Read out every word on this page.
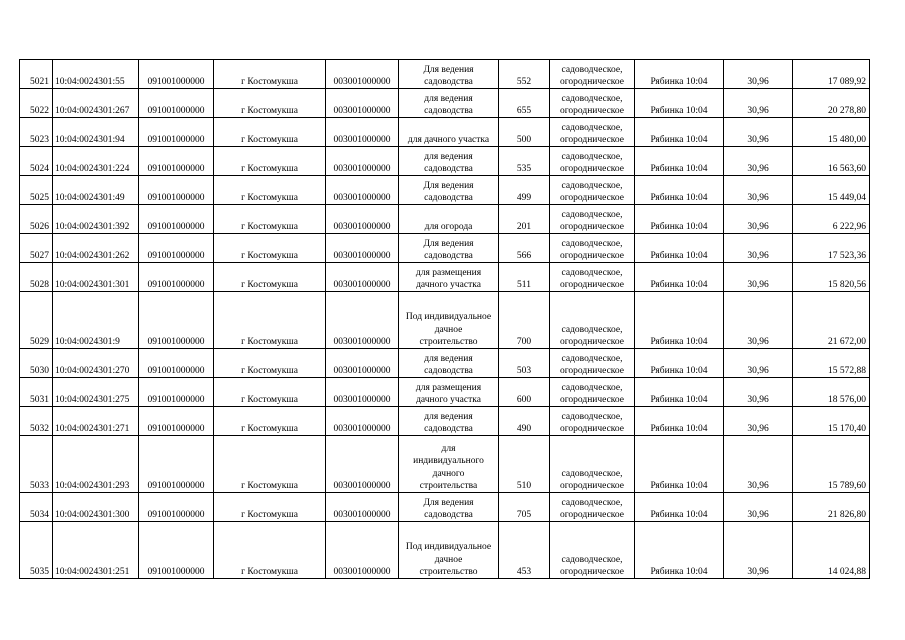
5021	10:04:0024301:55	091001000000	г Костомукша	003001000000	Для ведения
садоводства	552	садоводческое,
огородническое	Рябинка 10:04	30,96	17 089,92
5022	10:04:0024301:267	091001000000	г Костомукша	003001000000	для ведения
садоводства	655	садоводческое,
огородническое	Рябинка 10:04	30,96	20 278,80
5023	10:04:0024301:94	091001000000	г Костомукша	003001000000	для дачного участка	500	садоводческое,
огородническое	Рябинка 10:04	30,96	15 480,00
5024	10:04:0024301:224	091001000000	г Костомукша	003001000000	для ведения
садоводства	535	садоводческое,
огородническое	Рябинка 10:04	30,96	16 563,60
5025	10:04:0024301:49	091001000000	г Костомукша	003001000000	Для ведения
садоводства	499	садоводческое,
огородническое	Рябинка 10:04	30,96	15 449,04
5026	10:04:0024301:392	091001000000	г Костомукша	003001000000	для огорода	201	садоводческое,
огородническое	Рябинка 10:04	30,96	6 222,96
5027	10:04:0024301:262	091001000000	г Костомукша	003001000000	Для ведения
садоводства	566	садоводческое,
огородническое	Рябинка 10:04	30,96	17 523,36
5028	10:04:0024301:301	091001000000	г Костомукша	003001000000	для размещения
дачного участка	511	садоводческое,
огородническое	Рябинка 10:04	30,96	15 820,56
5029	10:04:0024301:9	091001000000	г Костомукша	003001000000	Под индивидуальное
дачное
строительство	700	садоводческое,
огородническое	Рябинка 10:04	30,96	21 672,00
5030	10:04:0024301:270	091001000000	г Костомукша	003001000000	для ведения
садоводства	503	садоводческое,
огородническое	Рябинка 10:04	30,96	15 572,88
5031	10:04:0024301:275	091001000000	г Костомукша	003001000000	для размещения
дачного участка	600	садоводческое,
огородническое	Рябинка 10:04	30,96	18 576,00
5032	10:04:0024301:271	091001000000	г Костомукша	003001000000	для ведения
садоводства	490	садоводческое,
огородническое	Рябинка 10:04	30,96	15 170,40
5033	10:04:0024301:293	091001000000	г Костомукша	003001000000	для
индивидуального
дачного
строительства	510	садоводческое,
огородническое	Рябинка 10:04	30,96	15 789,60
5034	10:04:0024301:300	091001000000	г Костомукша	003001000000	Для ведения
садоводства	705	садоводческое,
огородническое	Рябинка 10:04	30,96	21 826,80
5035	10:04:0024301:251	091001000000	г Костомукша	003001000000	Под индивидуальное
дачное
строительство	453	садоводческое,
огородническое	Рябинка 10:04	30,96	14 024,88
